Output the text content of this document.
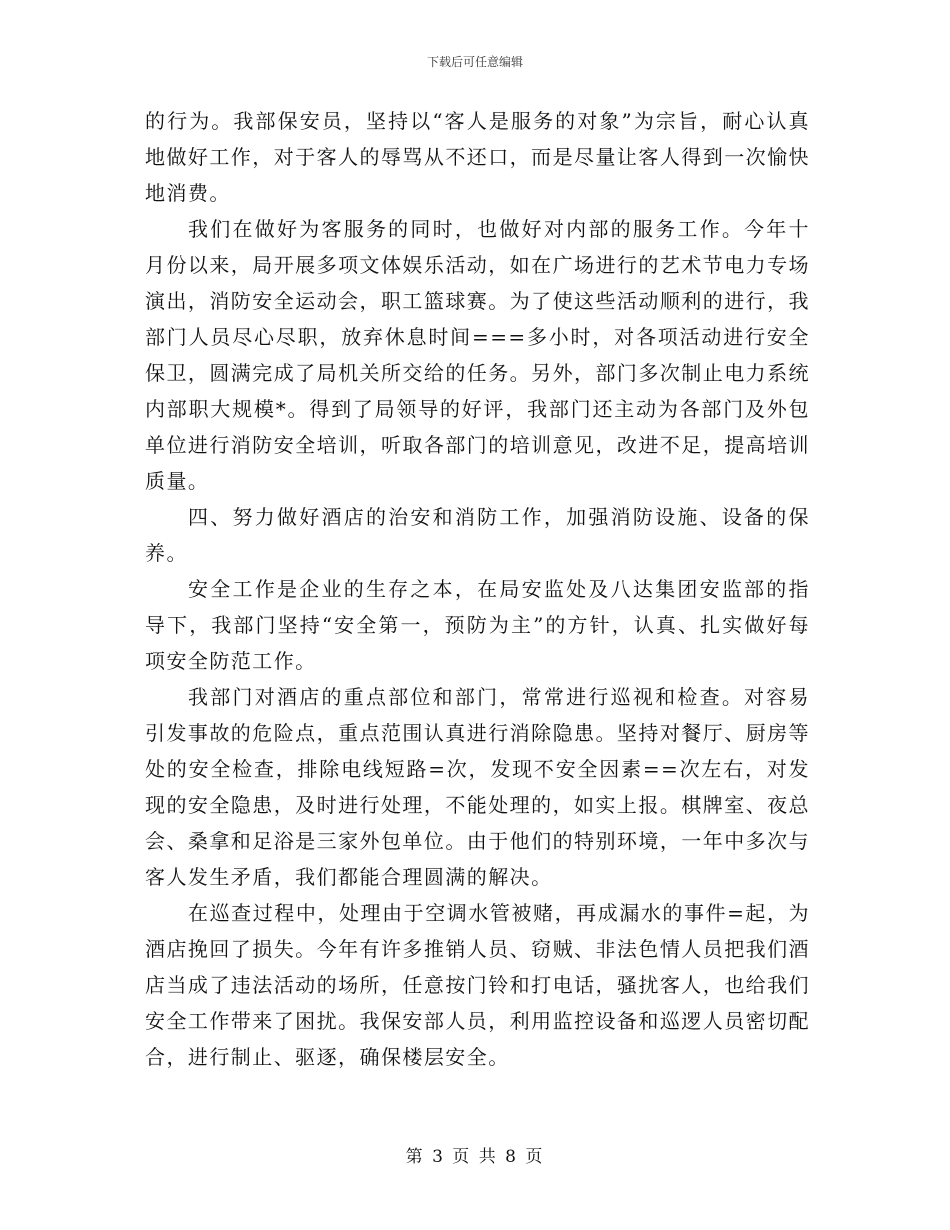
下载后可任意编辑

的行为。我部保安员，坚持以“客人是服务的对象”为宗旨，耐心认真地做好工作，对于客人的辱骂从不还口，而是尽量让客人得到一次愉快地消费。

我们在做好为客服务的同时，也做好对内部的服务工作。今年十月份以来，局开展多项文体娱乐活动，如在广场进行的艺术节电力专场演出，消防安全运动会，职工篮球赛。为了使这些活动顺利的进行，我部门人员尽心尽职，放弃休息时间===多小时，对各项活动进行安全保卫，圆满完成了局机关所交给的任务。另外，部门多次制止电力系统内部职大规模*。得到了局领导的好评，我部门还主动为各部门及外包单位进行消防安全培训，听取各部门的培训意见，改进不足，提高培训质量。

四、努力做好酒店的治安和消防工作，加强消防设施、设备的保养。

安全工作是企业的生存之本，在局安监处及八达集团安监部的指导下，我部门坚持“安全第一，预防为主”的方针，认真、扎实做好每项安全防范工作。

我部门对酒店的重点部位和部门，常常进行巡视和检查。对容易引发事故的危险点，重点范围认真进行消除隐患。坚持对餐厅、厨房等处的安全检查，排除电线短路=次，发现不安全因素==次左右，对发现的安全隐患，及时进行处理，不能处理的，如实上报。棋牌室、夜总会、桑拿和足浴是三家外包单位。由于他们的特别环境，一年中多次与客人发生矛盾，我们都能合理圆满的解决。

在巡查过程中，处理由于空调水管被赌，再成漏水的事件=起，为酒店挽回了损失。今年有许多推销人员、窃贼、非法色情人员把我们酒店当成了违法活动的场所，任意按门铃和打电话，骚扰客人，也给我们安全工作带来了困扰。我保安部人员，利用监控设备和巡逻人员密切配合，进行制止、驱逐，确保楼层安全。

第 3 页 共 8 页
